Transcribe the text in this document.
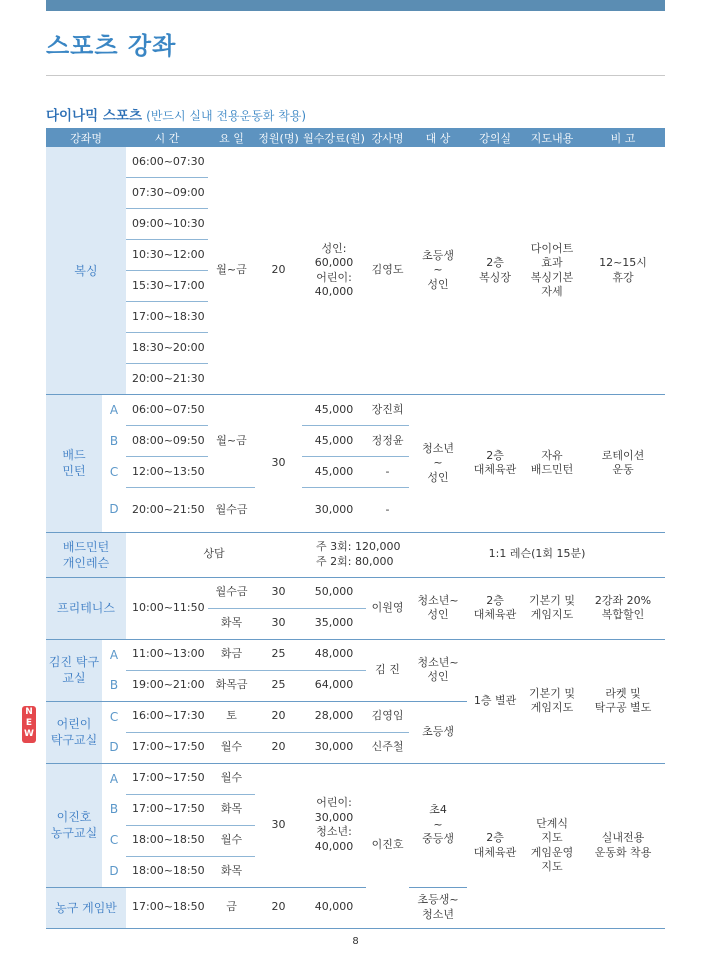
스포츠 강좌
다이나믹 스포츠 (반드시 실내 전용운동화 착용)
강좌명		시 간	요 일	정원(명)	월수강료(원)	강사명	대 상	강의실	지도내용	비 고
복싱		06:00~07:30	월~금	20	성인:
60,000
어린이:
40,000	김영도	초등생
~
성인	2층
복싱장	다이어트
효과
복싱기본
자세	12~15시
휴강
		07:30~09:00								
		09:00~10:30								
		10:30~12:00								
		15:30~17:00								
		17:00~18:30								
		18:30~20:00								
		20:00~21:30								
배드
민턴	A	06:00~07:50	월~금	30	45,000	장진희	청소년
~
성인	2층
대체육관	자유
배드민턴	로테이션
운동
	B	08:00~09:50			45,000	정정윤				
	C	12:00~13:50			45,000	-				
	D	20:00~21:50	월수금		30,000	-				
배드민턴
개인레슨		상담			주 3회: 120,000
주 2회: 80,000		1:1 레슨(1회 15분)			
프리테니스		10:00~11:50	월수금	30	50,000	이원영	청소년~
성인	2층
대체육관	기본기 및
게임지도	2강좌 20%
복합할인
			화목	30	35,000					
김진 탁구
교실	A	11:00~13:00	화금	25	48,000	김 진	청소년~
성인	1층 별관	기본기 및
게임지도	라켓 및
탁구공 별도
	B	19:00~21:00	화목금	25	64,000					
어린이
탁구교실	C	16:00~17:30	토	20	28,000	김영임	초등생			
	D	17:00~17:50	월수	20	30,000	신주철				
이진호
농구교실	A	17:00~17:50	월수	30	어린이:
30,000
청소년:
40,000	이진호	초4
~
중등생	2층
대체육관	단계식
지도
게임운영
지도	실내전용
운동화 착용
	B	17:00~17:50	화목							
	C	18:00~18:50	월수							
	D	18:00~18:50	화목							
농구 게임반		17:00~18:50	금	20	40,000		초등생~
청소년			
N
E
W
8
